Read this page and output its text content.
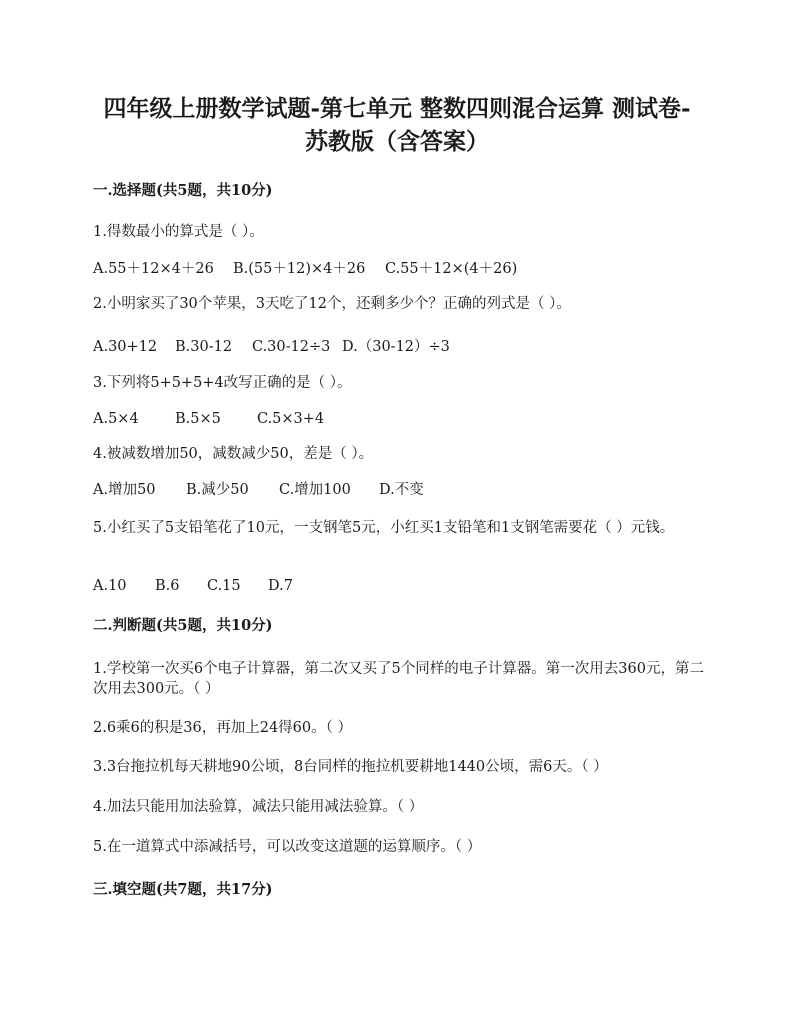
四年级上册数学试题-第七单元 整数四则混合运算 测试卷-
苏教版（含答案）
一.选择题(共5题，共10分)
1.得数最小的算式是（ ）。
A.55＋12×4＋26 B.(55＋12)×4＋26 C.55＋12×(4＋26)
2.小明家买了30个苹果，3天吃了12个，还剩多少个？正确的列式是（ ）。
A.30+12 B.30-12 C.30-12÷3 D.（30-12）÷3
3.下列将5+5+5+4改写正确的是（ ）。
A.5×4	B.5×5 C.5×3+4
4.被减数增加50，减数减少50，差是（ ）。
A.增加50 B.减少50 C.增加100 D.不变
5.小红买了5支铅笔花了10元，一支钢笔5元，小红买1支铅笔和1支钢笔需要花（ ）元钱。
A.10 B.6 C.15 D.7
二.判断题(共5题，共10分)
1.学校第一次买6个电子计算器，第二次又买了5个同样的电子计算器。第一次用去360元，第二次用去300元。（ ）
2.6乘6的积是36，再加上24得60。（ ）
3.3台拖拉机每天耕地90公顷，8台同样的拖拉机要耕地1440公顷，需6天。（ ）
4.加法只能用加法验算，减法只能用减法验算。（ ）
5.在一道算式中添减括号，可以改变这道题的运算顺序。（ ）
三.填空题(共7题，共17分)
